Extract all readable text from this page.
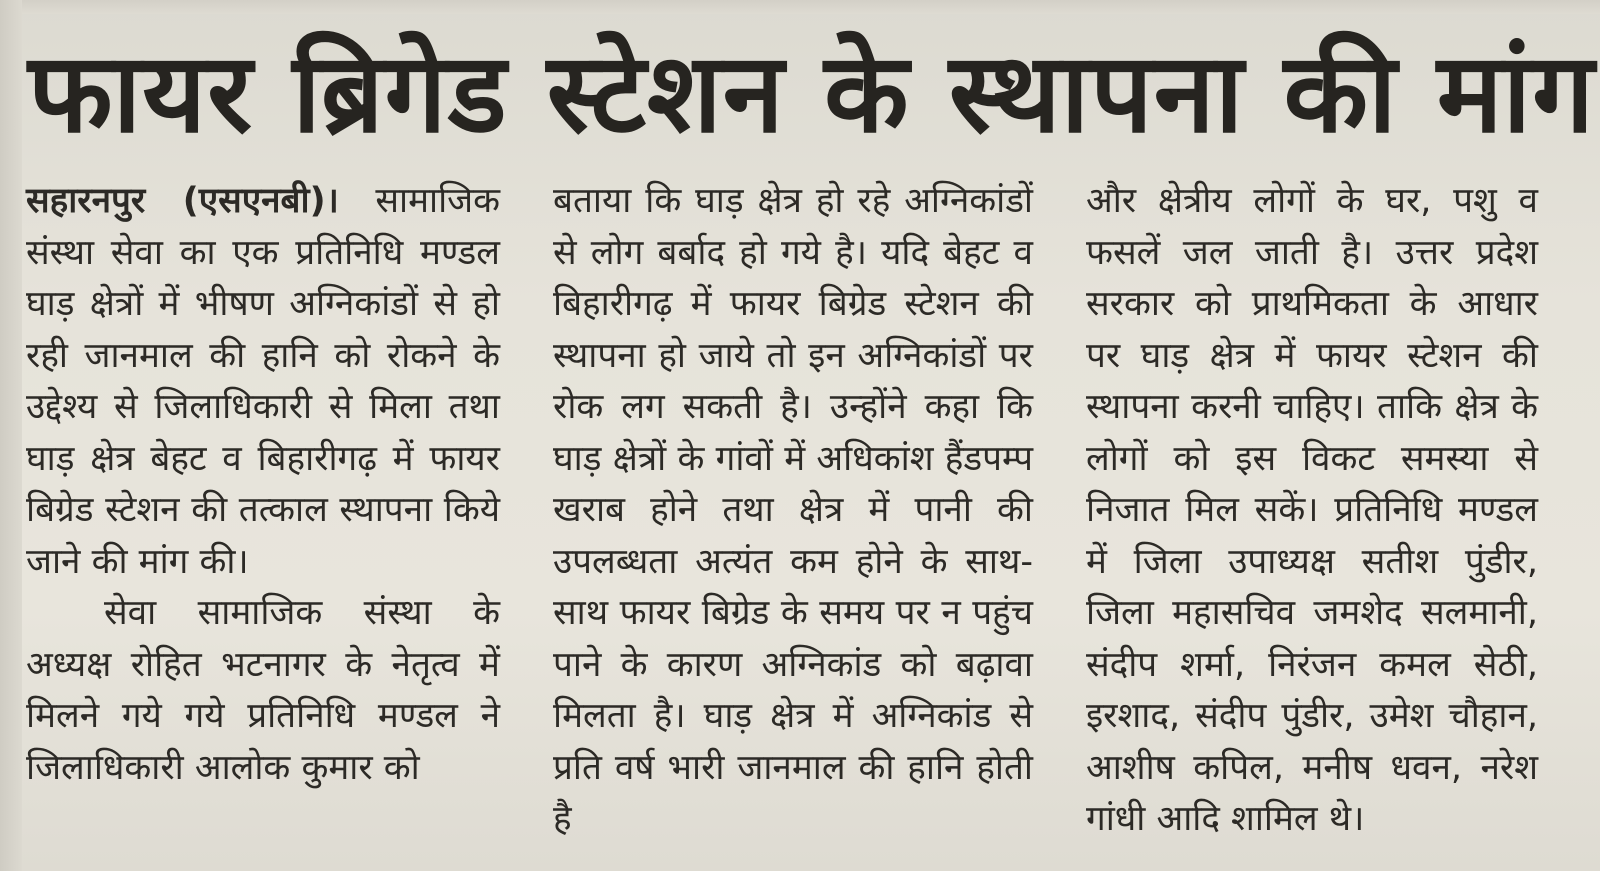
फायर ब्रिगेड स्टेशन के स्थापना की मांग

सहारनपुर (एसएनबी)। सामाजिक संस्था सेवा का एक प्रतिनिधि मण्डल घाड़ क्षेत्रों में भीषण अग्निकांडों से हो रही जानमाल की हानि को रोकने के उद्देश्य से जिलाधिकारी से मिला तथा घाड़ क्षेत्र बेहट व बिहारीगढ़ में फायर बिग्रेड स्टेशन की तत्काल स्थापना किये जाने की मांग की।

सेवा सामाजिक संस्था के अध्यक्ष रोहित भटनागर के नेतृत्व में मिलने गये गये प्रतिनिधि मण्डल ने जिलाधिकारी आलोक कुमार को

बताया कि घाड़ क्षेत्र हो रहे अग्निकांडों से लोग बर्बाद हो गये है। यदि बेहट व बिहारीगढ़ में फायर बिग्रेड स्टेशन की स्थापना हो जाये तो इन अग्निकांडों पर रोक लग सकती है। उन्होंने कहा कि घाड़ क्षेत्रों के गांवों में अधिकांश हैंडपम्प खराब होने तथा क्षेत्र में पानी की उपलब्धता अत्यंत कम होने के साथ-साथ फायर बिग्रेड के समय पर न पहुंच पाने के कारण अग्निकांड को बढ़ावा मिलता है। घाड़ क्षेत्र में अग्निकांड से प्रति वर्ष भारी जानमाल की हानि होती है

और क्षेत्रीय लोगों के घर, पशु व फसलें जल जाती है। उत्तर प्रदेश सरकार को प्राथमिकता के आधार पर घाड़ क्षेत्र में फायर स्टेशन की स्थापना करनी चाहिए। ताकि क्षेत्र के लोगों को इस विकट समस्या से निजात मिल सकें। प्रतिनिधि मण्डल में जिला उपाध्यक्ष सतीश पुंडीर, जिला महासचिव जमशेद सलमानी, संदीप शर्मा, निरंजन कमल सेठी, इरशाद, संदीप पुंडीर, उमेश चौहान, आशीष कपिल, मनीष धवन, नरेश गांधी आदि शामिल थे।
